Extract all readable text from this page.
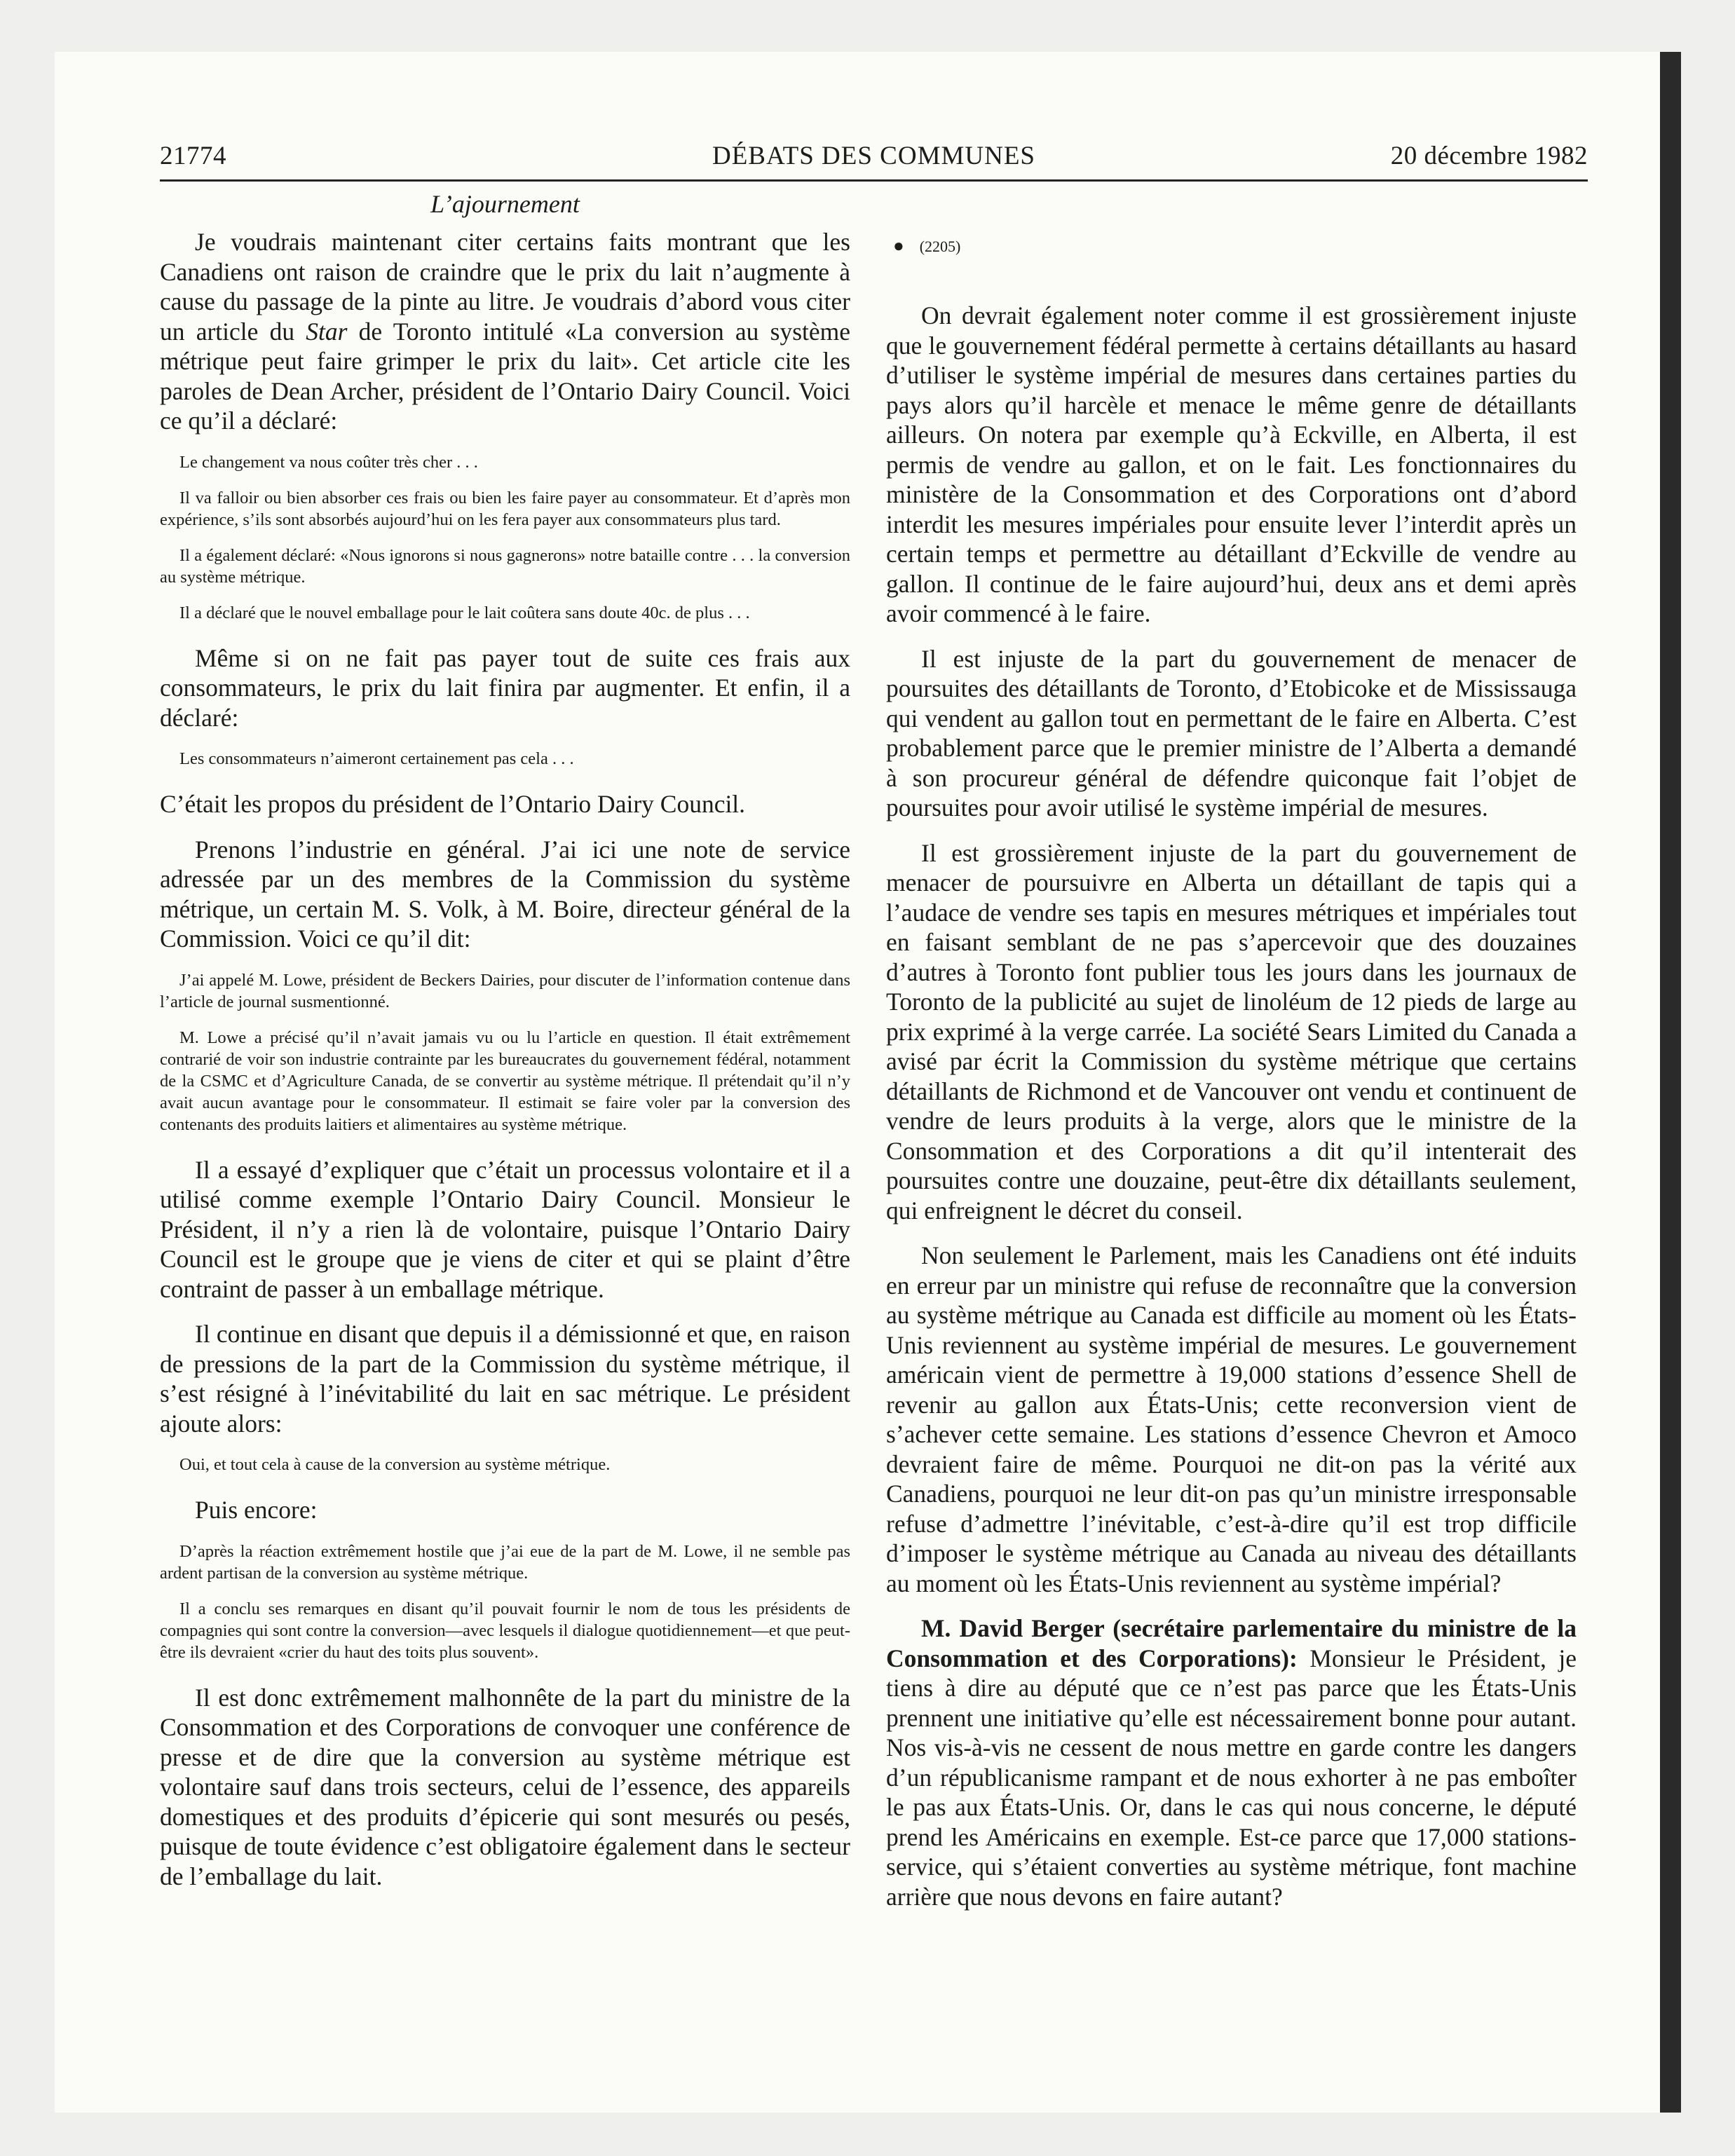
DÉBATS DES COMMUNES
21774	20 décembre 1982
L’ajournement

Je voudrais maintenant citer certains faits montrant que les Canadiens ont raison de craindre que le prix du lait n’augmente à cause du passage de la pinte au litre. Je voudrais d’abord vous citer un article du Star de Toronto intitulé «La conversion au système métrique peut faire grimper le prix du lait». Cet article cite les paroles de Dean Archer, président de l’Ontario Dairy Council. Voici ce qu’il a déclaré:

Le changement va nous coûter très cher . . .

Il va falloir ou bien absorber ces frais ou bien les faire payer au consommateur. Et d’après mon expérience, s’ils sont absorbés aujourd’hui on les fera payer aux consommateurs plus tard.

Il a également déclaré: «Nous ignorons si nous gagnerons» notre bataille contre . . . la conversion au système métrique.

Il a déclaré que le nouvel emballage pour le lait coûtera sans doute 40c. de plus . . .

Même si on ne fait pas payer tout de suite ces frais aux consommateurs, le prix du lait finira par augmenter. Et enfin, il a déclaré:

Les consommateurs n’aimeront certainement pas cela . . .

C’était les propos du président de l’Ontario Dairy Council.

Prenons l’industrie en général. J’ai ici une note de service adressée par un des membres de la Commission du système métrique, un certain M. S. Volk, à M. Boire, directeur général de la Commission. Voici ce qu’il dit:

J’ai appelé M. Lowe, président de Beckers Dairies, pour discuter de l’information contenue dans l’article de journal susmentionné.

M. Lowe a précisé qu’il n’avait jamais vu ou lu l’article en question. Il était extrêmement contrarié de voir son industrie contrainte par les bureaucrates du gouvernement fédéral, notamment de la CSMC et d’Agriculture Canada, de se convertir au système métrique. Il prétendait qu’il n’y avait aucun avantage pour le consommateur. Il estimait se faire voler par la conversion des contenants des produits laitiers et alimentaires au système métrique.

Il a essayé d’expliquer que c’était un processus volontaire et il a utilisé comme exemple l’Ontario Dairy Council. Monsieur le Président, il n’y a rien là de volontaire, puisque l’Ontario Dairy Council est le groupe que je viens de citer et qui se plaint d’être contraint de passer à un emballage métrique.

Il continue en disant que depuis il a démissionné et que, en raison de pressions de la part de la Commission du système métrique, il s’est résigné à l’inévitabilité du lait en sac métrique. Le président ajoute alors:

Oui, et tout cela à cause de la conversion au système métrique.

Puis encore:

D’après la réaction extrêmement hostile que j’ai eue de la part de M. Lowe, il ne semble pas ardent partisan de la conversion au système métrique.

Il a conclu ses remarques en disant qu’il pouvait fournir le nom de tous les présidents de compagnies qui sont contre la conversion—avec lesquels il dialogue quotidiennement—et que peut-être ils devraient «crier du haut des toits plus souvent».

Il est donc extrêmement malhonnête de la part du ministre de la Consommation et des Corporations de convoquer une conférence de presse et de dire que la conversion au système métrique est volontaire sauf dans trois secteurs, celui de l’essence, des appareils domestiques et des produits d’épicerie qui sont mesurés ou pesés, puisque de toute évidence c’est obligatoire également dans le secteur de l’emballage du lait.

● (2205)

On devrait également noter comme il est grossièrement injuste que le gouvernement fédéral permette à certains détaillants au hasard d’utiliser le système impérial de mesures dans certaines parties du pays alors qu’il harcèle et menace le même genre de détaillants ailleurs. On notera par exemple qu’à Eckville, en Alberta, il est permis de vendre au gallon, et on le fait. Les fonctionnaires du ministère de la Consommation et des Corporations ont d’abord interdit les mesures impériales pour ensuite lever l’interdit après un certain temps et permettre au détaillant d’Eckville de vendre au gallon. Il continue de le faire aujourd’hui, deux ans et demi après avoir commencé à le faire.

Il est injuste de la part du gouvernement de menacer de poursuites des détaillants de Toronto, d’Etobicoke et de Mississauga qui vendent au gallon tout en permettant de le faire en Alberta. C’est probablement parce que le premier ministre de l’Alberta a demandé à son procureur général de défendre quiconque fait l’objet de poursuites pour avoir utilisé le système impérial de mesures.

Il est grossièrement injuste de la part du gouvernement de menacer de poursuivre en Alberta un détaillant de tapis qui a l’audace de vendre ses tapis en mesures métriques et impériales tout en faisant semblant de ne pas s’apercevoir que des douzaines d’autres à Toronto font publier tous les jours dans les journaux de Toronto de la publicité au sujet de linoléum de 12 pieds de large au prix exprimé à la verge carrée. La société Sears Limited du Canada a avisé par écrit la Commission du système métrique que certains détaillants de Richmond et de Vancouver ont vendu et continuent de vendre de leurs produits à la verge, alors que le ministre de la Consommation et des Corporations a dit qu’il intenterait des poursuites contre une douzaine, peut-être dix détaillants seulement, qui enfreignent le décret du conseil.

Non seulement le Parlement, mais les Canadiens ont été induits en erreur par un ministre qui refuse de reconnaître que la conversion au système métrique au Canada est difficile au moment où les États-Unis reviennent au système impérial de mesures. Le gouvernement américain vient de permettre à 19,000 stations d’essence Shell de revenir au gallon aux États-Unis; cette reconversion vient de s’achever cette semaine. Les stations d’essence Chevron et Amoco devraient faire de même. Pourquoi ne dit-on pas la vérité aux Canadiens, pourquoi ne leur dit-on pas qu’un ministre irresponsable refuse d’admettre l’inévitable, c’est-à-dire qu’il est trop difficile d’imposer le système métrique au Canada au niveau des détaillants au moment où les États-Unis reviennent au système impérial?

M. David Berger (secrétaire parlementaire du ministre de la Consommation et des Corporations): Monsieur le Président, je tiens à dire au député que ce n’est pas parce que les États-Unis prennent une initiative qu’elle est nécessairement bonne pour autant. Nos vis-à-vis ne cessent de nous mettre en garde contre les dangers d’un républicanisme rampant et de nous exhorter à ne pas emboîter le pas aux États-Unis. Or, dans le cas qui nous concerne, le député prend les Américains en exemple. Est-ce parce que 17,000 stations-service, qui s’étaient converties au système métrique, font machine arrière que nous devons en faire autant?
